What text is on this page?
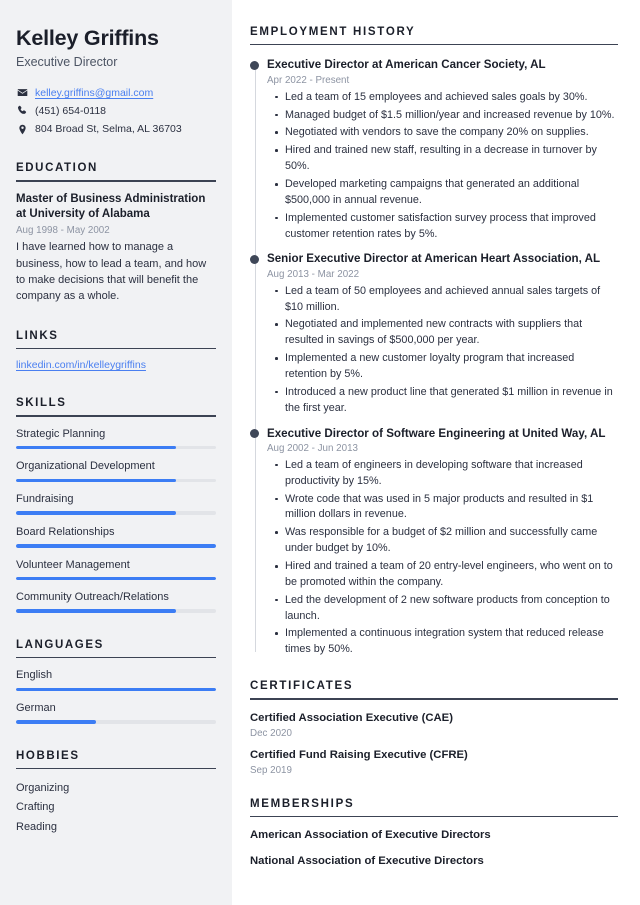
Kelley Griffins
Executive Director
kelley.griffins@gmail.com
(451) 654-0118
804 Broad St, Selma, AL 36703
EDUCATION
Master of Business Administration at University of Alabama
Aug 1998 - May 2002
I have learned how to manage a business, how to lead a team, and how to make decisions that will benefit the company as a whole.
LINKS
linkedin.com/in/kelleygriffins
SKILLS
Strategic Planning
Organizational Development
Fundraising
Board Relationships
Volunteer Management
Community Outreach/Relations
LANGUAGES
English
German
HOBBIES
Organizing
Crafting
Reading
EMPLOYMENT HISTORY
Executive Director at American Cancer Society, AL
Apr 2022 - Present
Led a team of 15 employees and achieved sales goals by 30%.
Managed budget of $1.5 million/year and increased revenue by 10%.
Negotiated with vendors to save the company 20% on supplies.
Hired and trained new staff, resulting in a decrease in turnover by 50%.
Developed marketing campaigns that generated an additional $500,000 in annual revenue.
Implemented customer satisfaction survey process that improved customer retention rates by 5%.
Senior Executive Director at American Heart Association, AL
Aug 2013 - Mar 2022
Led a team of 50 employees and achieved annual sales targets of $10 million.
Negotiated and implemented new contracts with suppliers that resulted in savings of $500,000 per year.
Implemented a new customer loyalty program that increased retention by 5%.
Introduced a new product line that generated $1 million in revenue in the first year.
Executive Director of Software Engineering at United Way, AL
Aug 2002 - Jun 2013
Led a team of engineers in developing software that increased productivity by 15%.
Wrote code that was used in 5 major products and resulted in $1 million dollars in revenue.
Was responsible for a budget of $2 million and successfully came under budget by 10%.
Hired and trained a team of 20 entry-level engineers, who went on to be promoted within the company.
Led the development of 2 new software products from conception to launch.
Implemented a continuous integration system that reduced release times by 50%.
CERTIFICATES
Certified Association Executive (CAE)
Dec 2020
Certified Fund Raising Executive (CFRE)
Sep 2019
MEMBERSHIPS
American Association of Executive Directors
National Association of Executive Directors
